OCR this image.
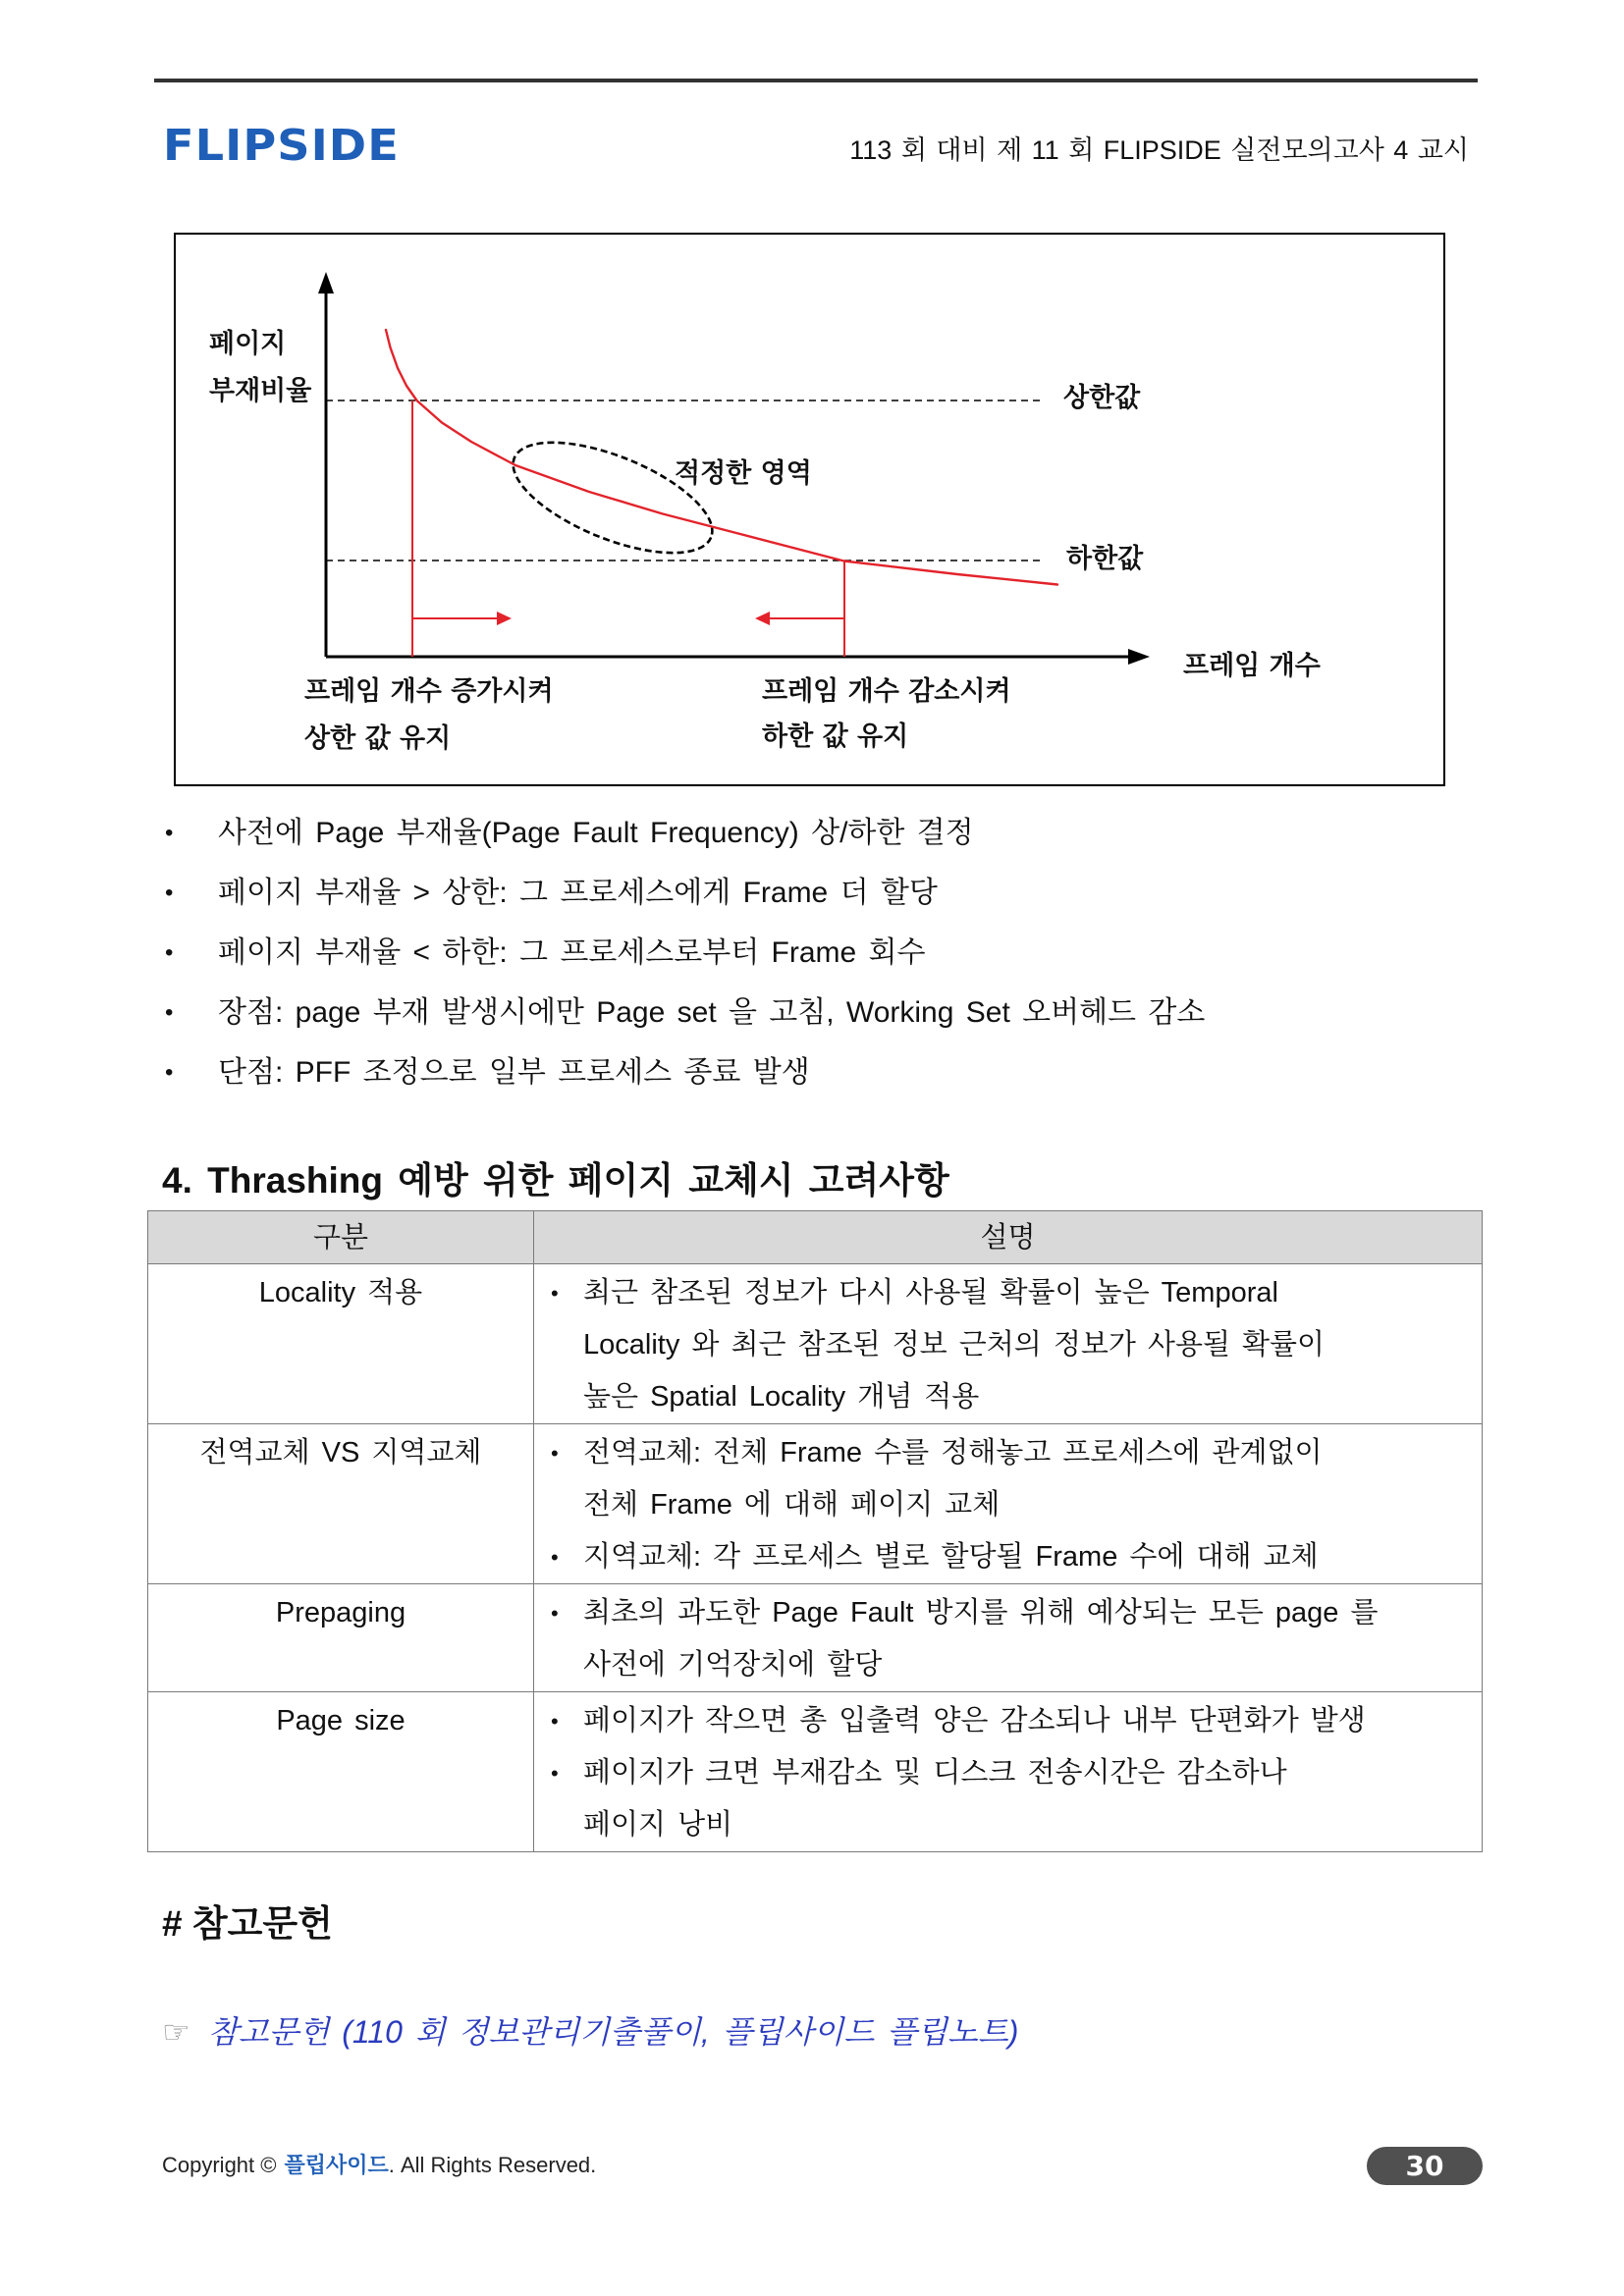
FLIPSIDE	113 회 대비 제 11 회 FLIPSIDE 실전모의고사 4 교시
페이지
부재비율	상한값
하한값
적정한 영역
프레임 개수
프레임 개수 증가시켜
상한 값 유지
프레임 개수 감소시켜
하한 값 유지
• 사전에 Page 부재율(Page Fault Frequency) 상/하한 결정
• 페이지 부재율 > 상한: 그 프로세스에게 Frame 더 할당
• 페이지 부재율 < 하한: 그 프로세스로부터 Frame 회수
• 장점: page 부재 발생시에만 Page set 을 고침, Working Set 오버헤드 감소
• 단점: PFF 조정으로 일부 프로세스 종료 발생
4. Thrashing 예방 위한 페이지 교체시 고려사항
구분	설명
Locality 적용	• 최근 참조된 정보가 다시 사용될 확률이 높은 Temporal
Locality 와 최근 참조된 정보 근처의 정보가 사용될 확률이
높은 Spatial Locality 개념 적용

전역교체 VS 지역교체	• 전역교체: 전체 Frame 수를 정해놓고 프로세스에 관계없이
전체 Frame 에 대해 페이지 교체
• 지역교체: 각 프로세스 별로 할당될 Frame 수에 대해 교체

Prepaging	• 최초의 과도한 Page Fault 방지를 위해 예상되는 모든 page 를
사전에 기억장치에 할당

Page size	• 페이지가 작으면 총 입출력 양은 감소되나 내부 단편화가 발생
• 페이지가 크면 부재감소 및 디스크 전송시간은 감소하나
페이지 낭비
# 참고문헌
☞ 참고문헌 (110 회 정보관리기출풀이, 플립사이드 플립노트)
Copyright © 플립사이드. All Rights Reserved.	30
